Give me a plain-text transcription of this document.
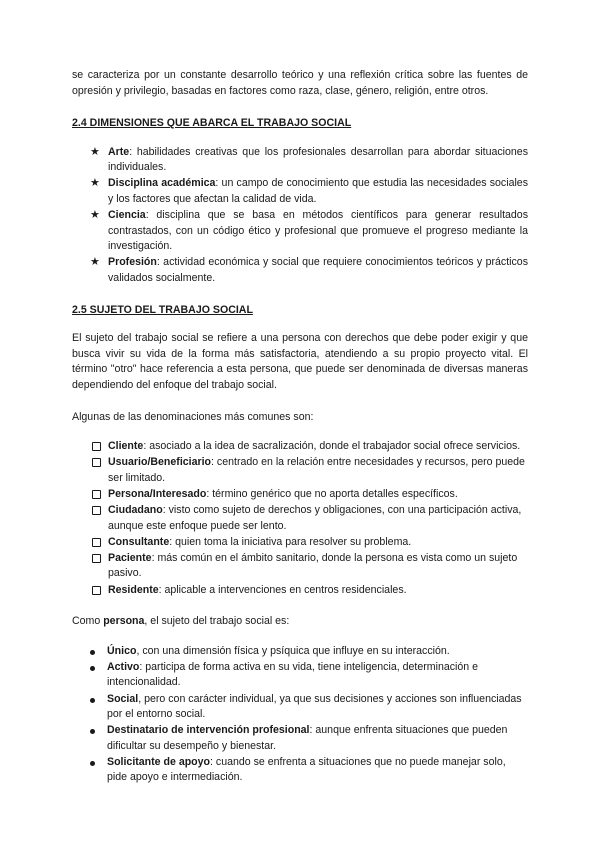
se caracteriza por un constante desarrollo teórico y una reflexión crítica sobre las fuentes de opresión y privilegio, basadas en factores como raza, clase, género, religión, entre otros.

2.4 DIMENSIONES QUE ABARCA EL TRABAJO SOCIAL

★ Arte: habilidades creativas que los profesionales desarrollan para abordar situaciones individuales.
★ Disciplina académica: un campo de conocimiento que estudia las necesidades sociales y los factores que afectan la calidad de vida.
★ Ciencia: disciplina que se basa en métodos científicos para generar resultados contrastados, con un código ético y profesional que promueve el progreso mediante la investigación.
★ Profesión: actividad económica y social que requiere conocimientos teóricos y prácticos validados socialmente.

2.5 SUJETO DEL TRABAJO SOCIAL

El sujeto del trabajo social se refiere a una persona con derechos que debe poder exigir y que busca vivir su vida de la forma más satisfactoria, atendiendo a su propio proyecto vital. El término "otro" hace referencia a esta persona, que puede ser denominada de diversas maneras dependiendo del enfoque del trabajo social.

Algunas de las denominaciones más comunes son:

Cliente: asociado a la idea de sacralización, donde el trabajador social ofrece servicios.
Usuario/Beneficiario: centrado en la relación entre necesidades y recursos, pero puede ser limitado.
Persona/Interesado: término genérico que no aporta detalles específicos.
Ciudadano: visto como sujeto de derechos y obligaciones, con una participación activa, aunque este enfoque puede ser lento.
Consultante: quien toma la iniciativa para resolver su problema.
Paciente: más común en el ámbito sanitario, donde la persona es vista como un sujeto pasivo.
Residente: aplicable a intervenciones en centros residenciales.

Como persona, el sujeto del trabajo social es:

Único, con una dimensión física y psíquica que influye en su interacción.
Activo: participa de forma activa en su vida, tiene inteligencia, determinación e intencionalidad.
Social, pero con carácter individual, ya que sus decisiones y acciones son influenciadas por el entorno social.
Destinatario de intervención profesional: aunque enfrenta situaciones que pueden dificultar su desempeño y bienestar.
Solicitante de apoyo: cuando se enfrenta a situaciones que no puede manejar solo, pide apoyo e intermediación.
